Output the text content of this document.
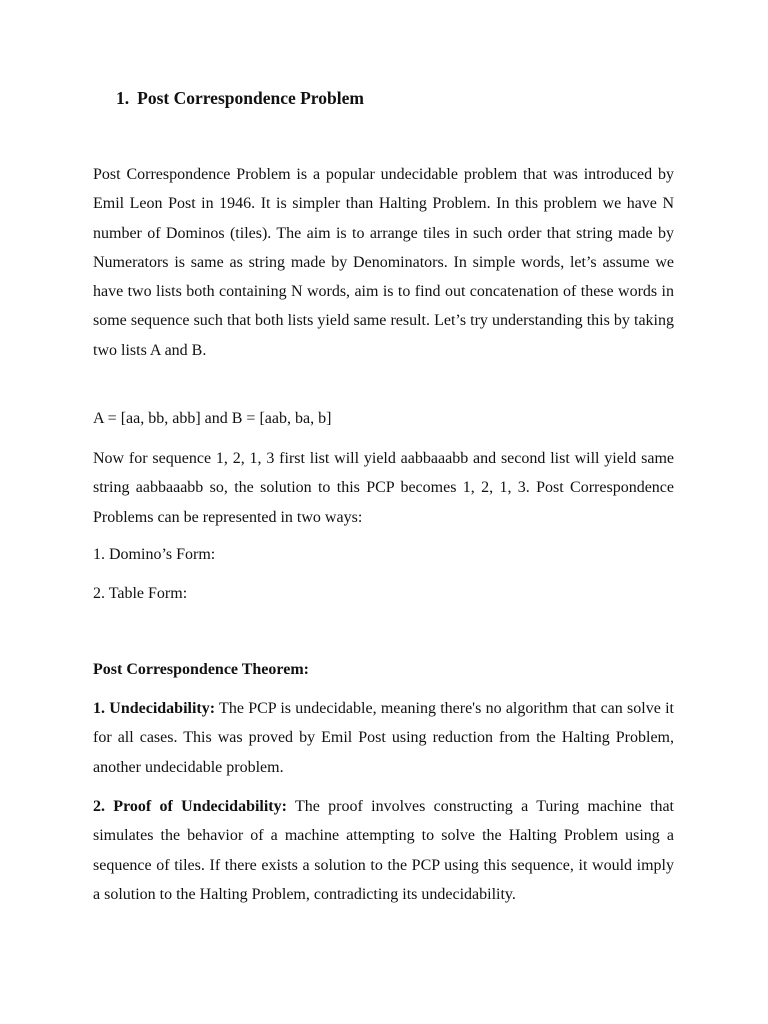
1. Post Correspondence Problem

Post Correspondence Problem is a popular undecidable problem that was introduced by Emil Leon Post in 1946. It is simpler than Halting Problem. In this problem we have N number of Dominos (tiles). The aim is to arrange tiles in such order that string made by Numerators is same as string made by Denominators. In simple words, let’s assume we have two lists both containing N words, aim is to find out concatenation of these words in some sequence such that both lists yield same result. Let’s try understanding this by taking two lists A and B.

A = [aa, bb, abb] and B = [aab, ba, b]

Now for sequence 1, 2, 1, 3 first list will yield aabbaaabb and second list will yield same string aabbaaabb so, the solution to this PCP becomes 1, 2, 1, 3. Post Correspondence Problems can be represented in two ways:

1. Domino’s Form:

2. Table Form:

Post Correspondence Theorem:

1. Undecidability: The PCP is undecidable, meaning there's no algorithm that can solve it for all cases. This was proved by Emil Post using reduction from the Halting Problem, another undecidable problem.

2. Proof of Undecidability: The proof involves constructing a Turing machine that simulates the behavior of a machine attempting to solve the Halting Problem using a sequence of tiles. If there exists a solution to the PCP using this sequence, it would imply a solution to the Halting Problem, contradicting its undecidability.
